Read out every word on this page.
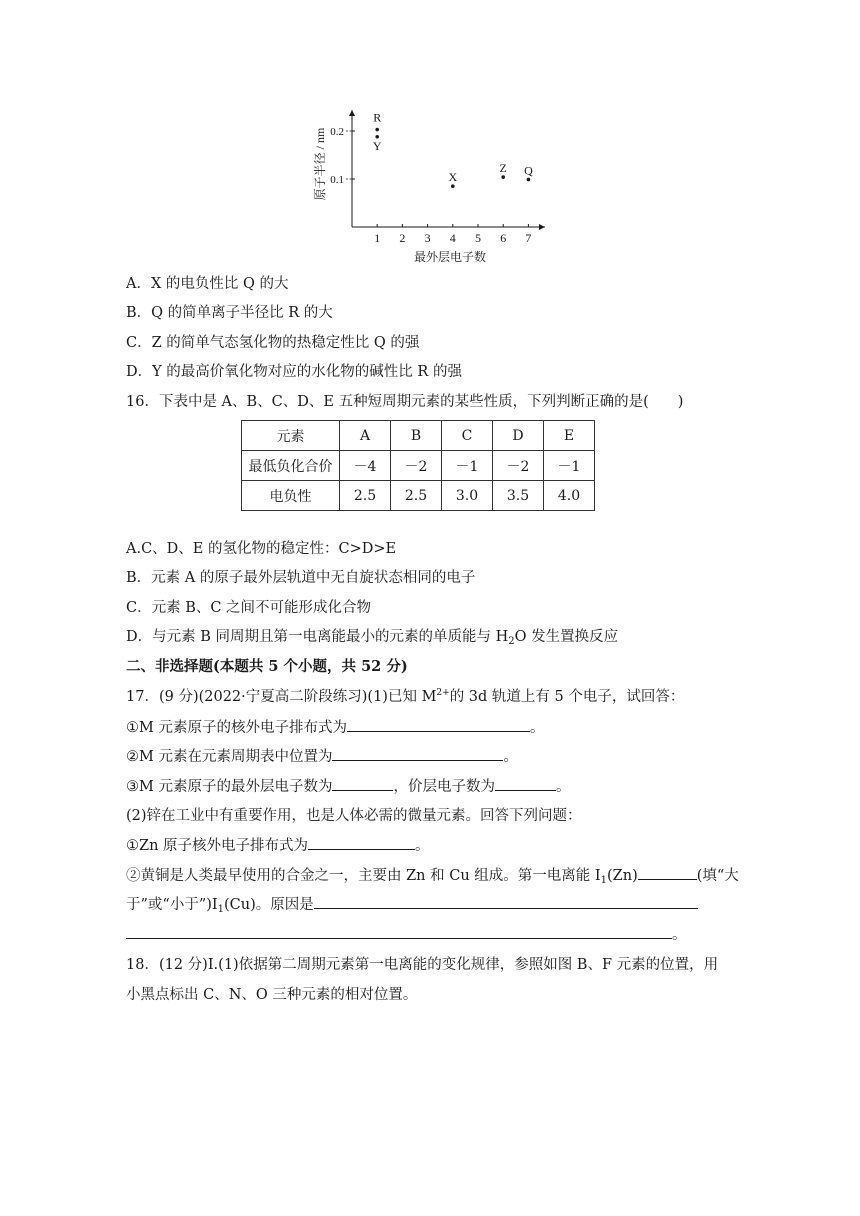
1 2 3 4 5 6 7
0.1
0.2
R
Y
X
Z Q
最外层电子数
原子半径 / nm
A．X 的电负性比 Q 的大
B．Q 的简单离子半径比 R 的大
C．Z 的简单气态氢化物的热稳定性比 Q 的强
D．Y 的最高价氧化物对应的水化物的碱性比 R 的强
16．下表中是 A、B、C、D、E 五种短周期元素的某些性质，下列判断正确的是(　　)
元素	A	B	C	D	E
最低负化合价	－4	－2	－1	－2	－1
电负性	2.5	2.5	3.0	3.5	4.0
A.C、D、E 的氢化物的稳定性：C>D>E
B．元素 A 的原子最外层轨道中无自旋状态相同的电子
C．元素 B、C 之间不可能形成化合物
D．与元素 B 同周期且第一电离能最小的元素的单质能与 $H_2O$ 发生置换反应
二、非选择题(本题共 5 个小题，共 52 分)
17．(9 分)(2022·宁夏高二阶段练习)(1)已知 $M^{2+}$的 3d 轨道上有 5 个电子，试回答：
①M 元素原子的核外电子排布式为	。
②M 元素在元素周期表中位置为	。
③M 元素原子的最外层电子数为	，价层电子数为	。
(2)锌在工业中有重要作用，也是人体必需的微量元素。回答下列问题：
①Zn 原子核外电子排布式为	。
②黄铜是人类最早使用的合金之一，主要由 Zn 和 Cu 组成。第一电离能 $I_1(Zn)$	(填“大
于”或“小于$”)I_1(Cu)$。原因是
。
18．(12 分)Ⅰ.(1)依据第二周期元素第一电离能的变化规律，参照如图 B、F 元素的位置，用
小黑点标出 C、N、O 三种元素的相对位置。
